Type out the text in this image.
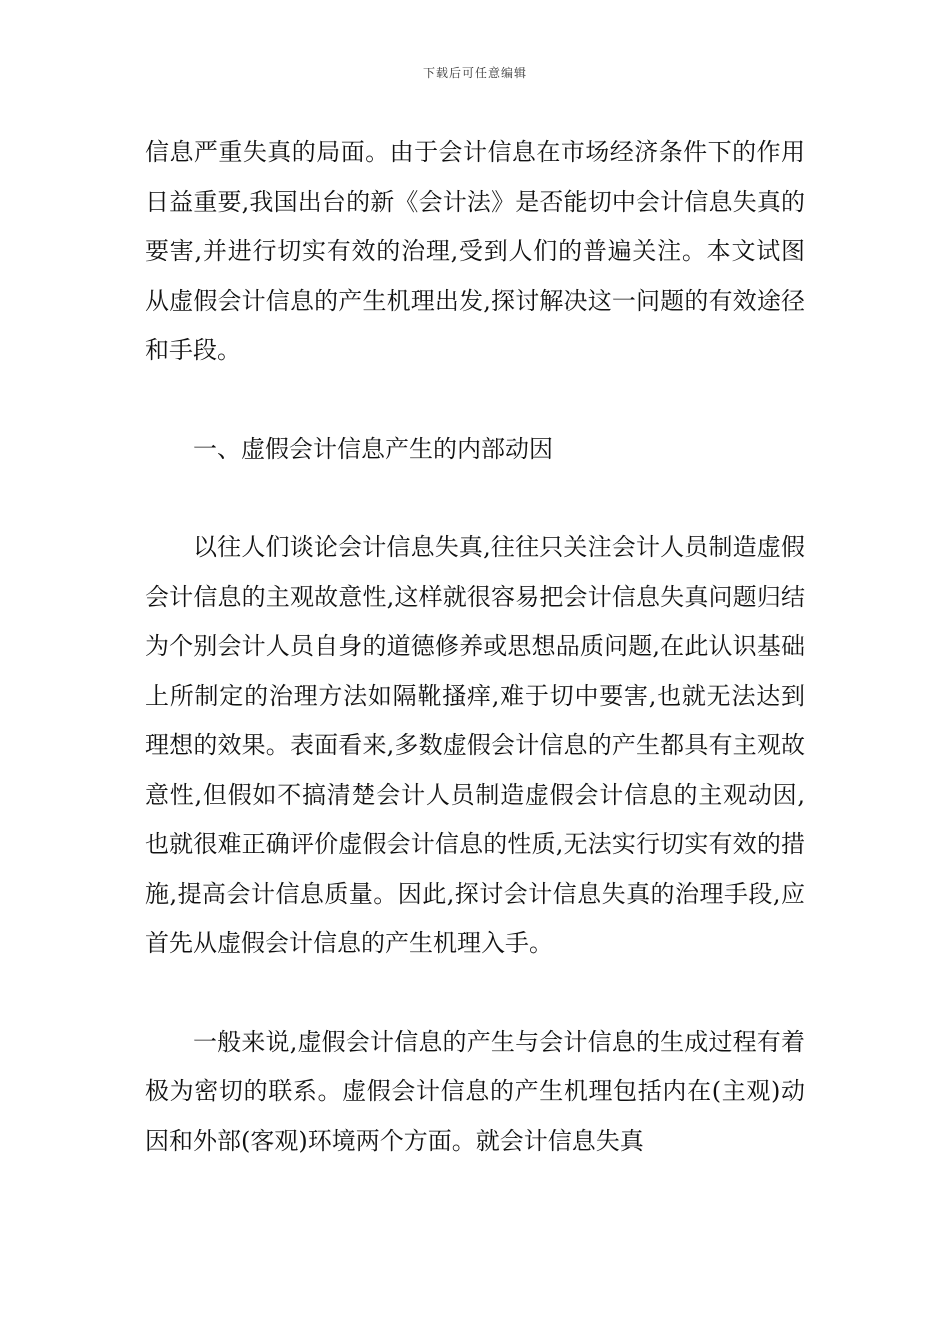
下载后可任意编辑

信息严重失真的局面。由于会计信息在市场经济条件下的作用日益重要,我国出台的新《会计法》是否能切中会计信息失真的要害,并进行切实有效的治理,受到人们的普遍关注。本文试图从虚假会计信息的产生机理出发,探讨解决这一问题的有效途径和手段。

一、虚假会计信息产生的内部动因

以往人们谈论会计信息失真,往往只关注会计人员制造虚假会计信息的主观故意性,这样就很容易把会计信息失真问题归结为个别会计人员自身的道德修养或思想品质问题,在此认识基础上所制定的治理方法如隔靴搔痒,难于切中要害,也就无法达到理想的效果。表面看来,多数虚假会计信息的产生都具有主观故意性,但假如不搞清楚会计人员制造虚假会计信息的主观动因,也就很难正确评价虚假会计信息的性质,无法实行切实有效的措施,提高会计信息质量。因此,探讨会计信息失真的治理手段,应首先从虚假会计信息的产生机理入手。

一般来说,虚假会计信息的产生与会计信息的生成过程有着极为密切的联系。虚假会计信息的产生机理包括内在(主观)动因和外部(客观)环境两个方面。就会计信息失真
